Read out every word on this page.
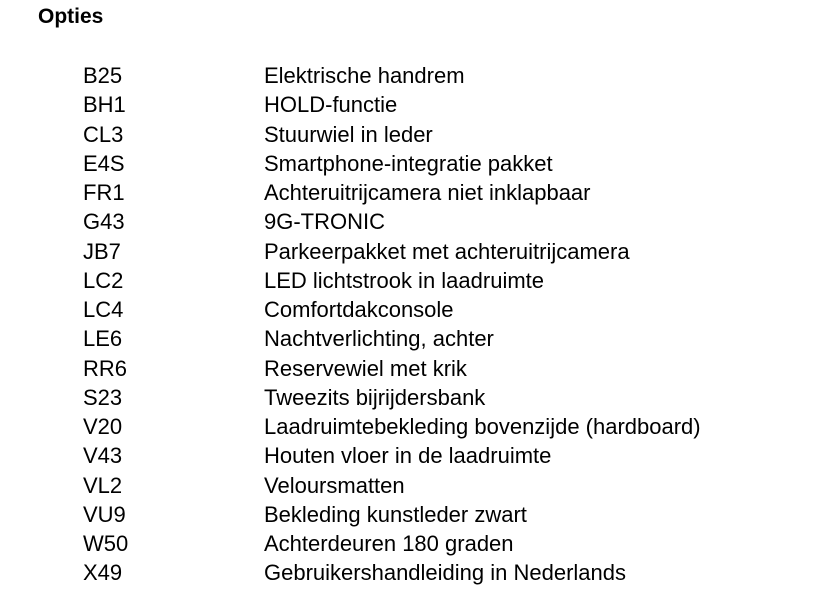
Opties
B25	Elektrische handrem
BH1	HOLD-functie
CL3	Stuurwiel in leder
E4S	Smartphone-integratie pakket
FR1	Achteruitrijcamera niet inklapbaar
G43	9G-TRONIC
JB7	Parkeerpakket met achteruitrijcamera
LC2	LED lichtstrook in laadruimte
LC4	Comfortdakconsole
LE6	Nachtverlichting, achter
RR6	Reservewiel met krik
S23	Tweezits bijrijdersbank
V20	Laadruimtebekleding bovenzijde (hardboard)
V43	Houten vloer in de laadruimte
VL2	Veloursmatten
VU9	Bekleding kunstleder zwart
W50	Achterdeuren 180 graden
X49	Gebruikershandleiding in Nederlands
